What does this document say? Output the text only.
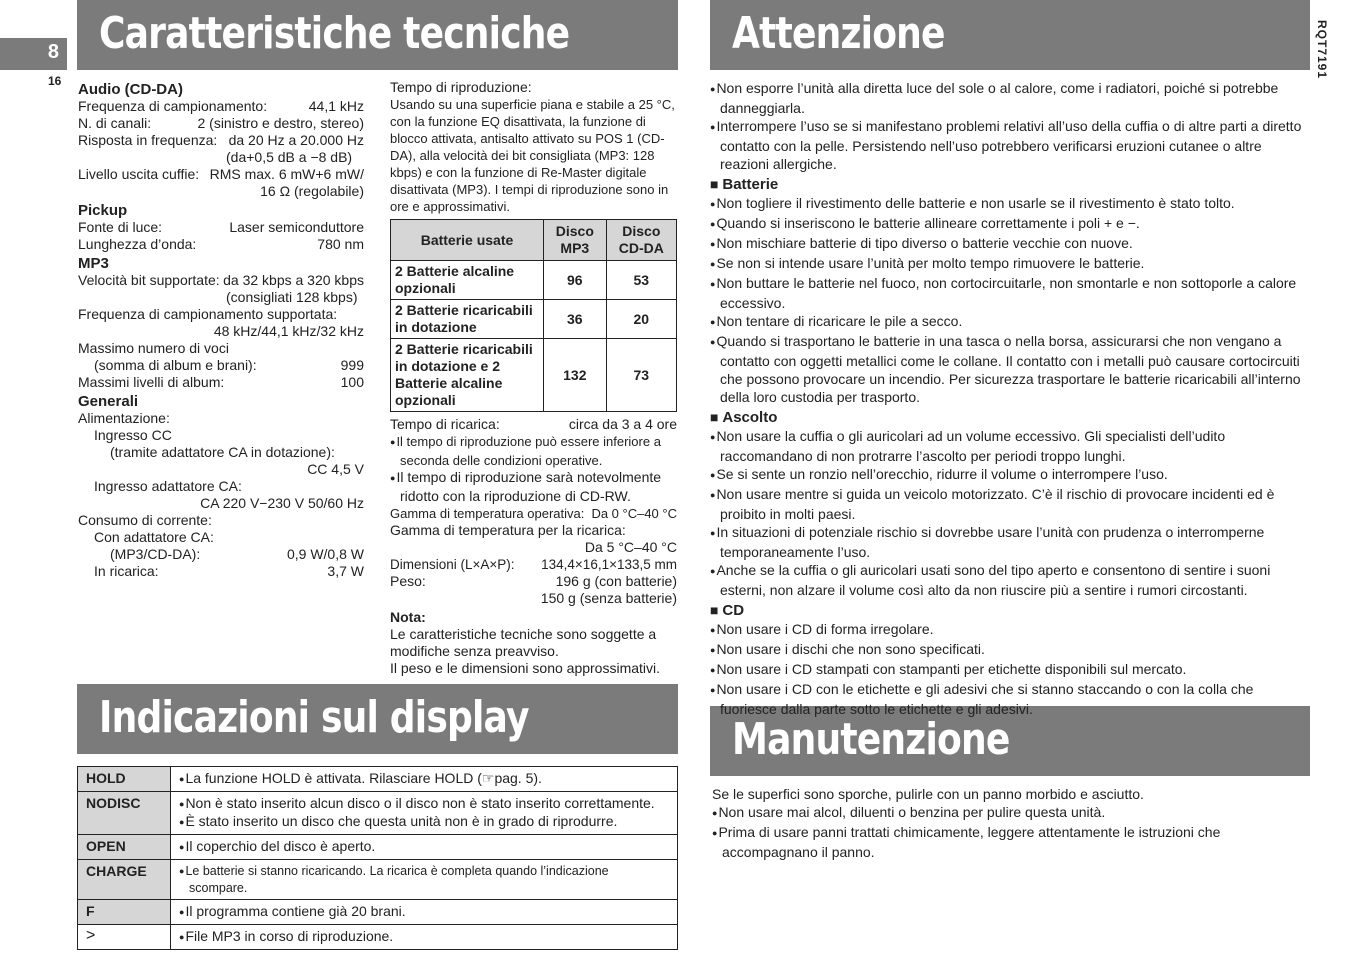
8
16
Caratteristiche tecniche	Attenzione	RQT7191
Indicazioni sul display	Manutenzione
Audio (CD-DA)
Frequenza di campionamento:	44,1 kHz
N. di canali:	2 (sinistro e destro, stereo)
Risposta in frequenza: da 20 Hz a 20.000 Hz
(da+0,5 dB a −8 dB)
Livello uscita cuffie: RMS max. 6 mW+6 mW/
16 Ω (regolabile)
Pickup
Fonte di luce:	Laser semiconduttore
Lunghezza d’onda:	780 nm
MP3
Velocità bit supportate: da 32 kbps a 320 kbps
(consigliati 128 kbps)
Frequenza di campionamento supportata:
48 kHz/44,1 kHz/32 kHz
Massimo numero di voci
(somma di album e brani):	999
Massimi livelli di album:	100
Generali
Alimentazione:
Ingresso CC
(tramite adattatore CA in dotazione):
CC 4,5 V
Ingresso adattatore CA:
CA 220 V−230 V 50/60 Hz
Consumo di corrente:
Con adattatore CA:
(MP3/CD-DA):	0,9 W/0,8 W
In ricarica:	3,7 W
Tempo di riproduzione:
Usando su una superficie piana e stabile a 25 °C, con la funzione EQ disattivata, la funzione di blocco attivata, antisalto attivato su POS 1 (CD-DA), alla velocità dei bit consigliata (MP3: 128 kbps) e con la funzione di Re-Master digitale disattivata (MP3). I tempi di riproduzione sono in ore e approssimativi.
Batterie usate	Disco MP3	Disco CD-DA
2 Batterie alcaline opzionali	96	53
2 Batterie ricaricabili in dotazione	36	20
2 Batterie ricaricabili in dotazione e 2 Batterie alcaline opzionali	132	73
Tempo di ricarica:	circa da 3 a 4 ore
● Il tempo di riproduzione può essere inferiore a seconda delle condizioni operative.
● Il tempo di riproduzione sarà notevolmente ridotto con la riproduzione di CD-RW.
Gamma di temperatura operativa: Da 0 °C–40 °C
Gamma di temperatura per la ricarica:
Da 5 °C–40 °C
Dimensioni (L×A×P): 134,4×16,1×133,5 mm
Peso:	196 g (con batterie)
150 g (senza batterie)
Nota:
Le caratteristiche tecniche sono soggette a modifiche senza preavviso.
Il peso e le dimensioni sono approssimativi.
HOLD	● La funzione HOLD è attivata. Rilasciare HOLD (☞pag. 5).

NODISC	● Non è stato inserito alcun disco o il disco non è stato inserito correttamente.
● È stato inserito un disco che questa unità non è in grado di riprodurre.

OPEN	● Il coperchio del disco è aperto.

CHARGE	● Le batterie si stanno ricaricando. La ricarica è completa quando l’indicazione scompare.

F	● Il programma contiene già 20 brani.

>	● File MP3 in corso di riproduzione.
● Non esporre l’unità alla diretta luce del sole o al calore, come i radiatori, poiché si potrebbe danneggiarla.
● Interrompere l’uso se si manifestano problemi relativi all’uso della cuffia o di altre parti a diretto contatto con la pelle. Persistendo nell’uso potrebbero verificarsi eruzioni cutanee o altre reazioni allergiche.
■ Batterie
● Non togliere il rivestimento delle batterie e non usarle se il rivestimento è stato tolto.
● Quando si inseriscono le batterie allineare correttamente i poli + e −.
● Non mischiare batterie di tipo diverso o batterie vecchie con nuove.
● Se non si intende usare l’unità per molto tempo rimuovere le batterie.
● Non buttare le batterie nel fuoco, non cortocircuitarle, non smontarle e non sottoporle a calore eccessivo.
● Non tentare di ricaricare le pile a secco.
● Quando si trasportano le batterie in una tasca o nella borsa, assicurarsi che non vengano a contatto con oggetti metallici come le collane. Il contatto con i metalli può causare cortocircuiti che possono provocare un incendio. Per sicurezza trasportare le batterie ricaricabili all’interno della loro custodia per trasporto.
■ Ascolto
● Non usare la cuffia o gli auricolari ad un volume eccessivo. Gli specialisti dell’udito raccomandano di non protrarre l’ascolto per periodi troppo lunghi.
● Se si sente un ronzio nell’orecchio, ridurre il volume o interrompere l’uso.
● Non usare mentre si guida un veicolo motorizzato. C’è il rischio di provocare incidenti ed è proibito in molti paesi.
● In situazioni di potenziale rischio si dovrebbe usare l’unità con prudenza o interromperne temporaneamente l’uso.
● Anche se la cuffia o gli auricolari usati sono del tipo aperto e consentono di sentire i suoni esterni, non alzare il volume così alto da non riuscire più a sentire i rumori circostanti.
■ CD
● Non usare i CD di forma irregolare.
● Non usare i dischi che non sono specificati.
● Non usare i CD stampati con stampanti per etichette disponibili sul mercato.
● Non usare i CD con le etichette e gli adesivi che si stanno staccando o con la colla che fuoriesce dalla parte sotto le etichette e gli adesivi.
Se le superfici sono sporche, pulirle con un panno morbido e asciutto.
● Non usare mai alcol, diluenti o benzina per pulire questa unità.
● Prima di usare panni trattati chimicamente, leggere attentamente le istruzioni che accompagnano il panno.
